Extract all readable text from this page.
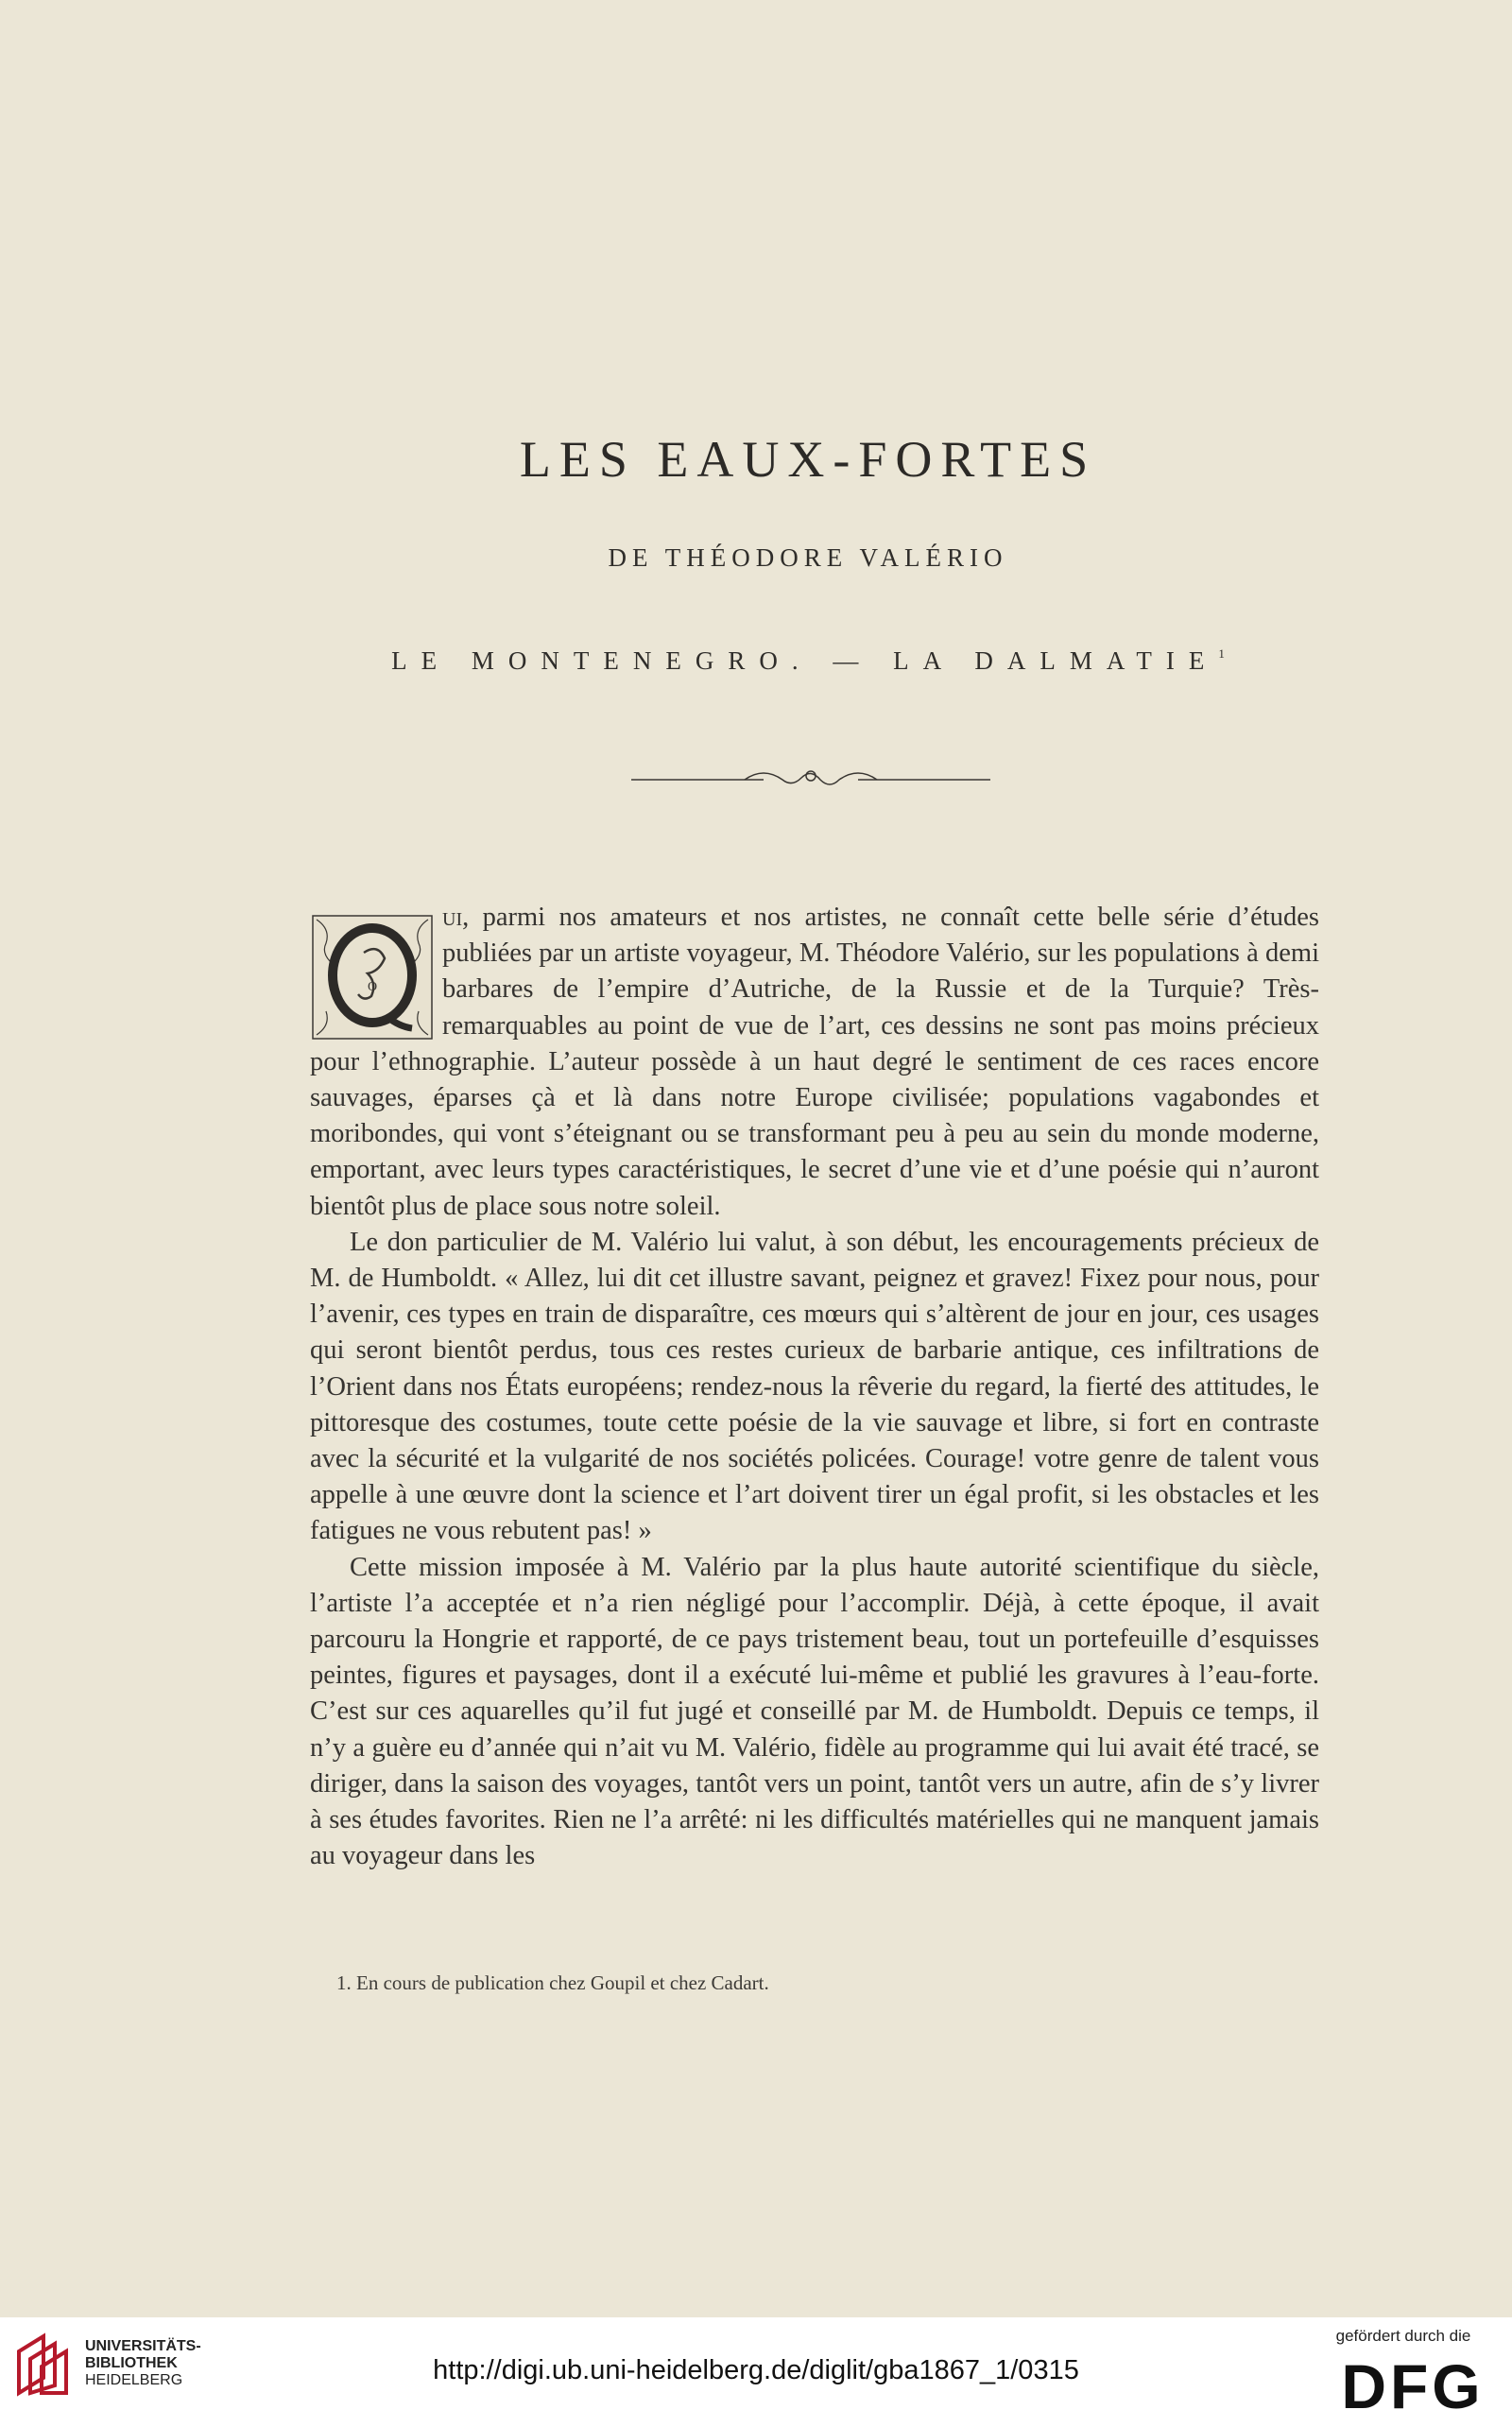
LES EAUX-FORTES
DE THÉODORE VALÉRIO
LE MONTENEGRO. — LA DALMATIE$^1$
O

ui, parmi nos amateurs et nos artistes, ne connaît cette belle série d’études publiées par un artiste voyageur, M. Théodore Valério, sur les populations à demi barbares de l’empire d’Autriche, de la Russie et de la Turquie? Très-remarquables au point de vue de l’art, ces dessins ne sont pas moins précieux pour l’ethnographie. L’auteur possède à un haut degré le sentiment de ces races encore sauvages, éparses çà et là dans notre Europe civilisée; populations vagabondes et moribondes, qui vont s’éteignant ou se transformant peu à peu au sein du monde moderne, emportant, avec leurs types caractéristiques, le secret d’une vie et d’une poésie qui n’auront bientôt plus de place sous notre soleil.

Le don particulier de M. Valério lui valut, à son début, les encouragements précieux de M. de Humboldt. « Allez, lui dit cet illustre savant, peignez et gravez! Fixez pour nous, pour l’avenir, ces types en train de disparaître, ces mœurs qui s’altèrent de jour en jour, ces usages qui seront bientôt perdus, tous ces restes curieux de barbarie antique, ces infiltrations de l’Orient dans nos États européens; rendez-nous la rêverie du regard, la fierté des attitudes, le pittoresque des costumes, toute cette poésie de la vie sauvage et libre, si fort en contraste avec la sécurité et la vulgarité de nos sociétés policées. Courage! votre genre de talent vous appelle à une œuvre dont la science et l’art doivent tirer un égal profit, si les obstacles et les fatigues ne vous rebutent pas! »

Cette mission imposée à M. Valério par la plus haute autorité scientifique du siècle, l’artiste l’a acceptée et n’a rien négligé pour l’accomplir. Déjà, à cette époque, il avait parcouru la Hongrie et rapporté, de ce pays tristement beau, tout un portefeuille d’esquisses peintes, figures et paysages, dont il a exécuté lui-même et publié les gravures à l’eau-forte. C’est sur ces aquarelles qu’il fut jugé et conseillé par M. de Humboldt. Depuis ce temps, il n’y a guère eu d’année qui n’ait vu M. Valério, fidèle au programme qui lui avait été tracé, se diriger, dans la saison des voyages, tantôt vers un point, tantôt vers un autre, afin de s’y livrer à ses études favorites. Rien ne l’a arrêté: ni les difficultés matérielles qui ne manquent jamais au voyageur dans les

1. En cours de publication chez Goupil et chez Cadart.
UNIVERSITÄTS-
BIBLIOTHEK
HEIDELBERG	http://digi.ub.uni-heidelberg.de/diglit/gba1867_1/0315
gefördert durch die
DFG
